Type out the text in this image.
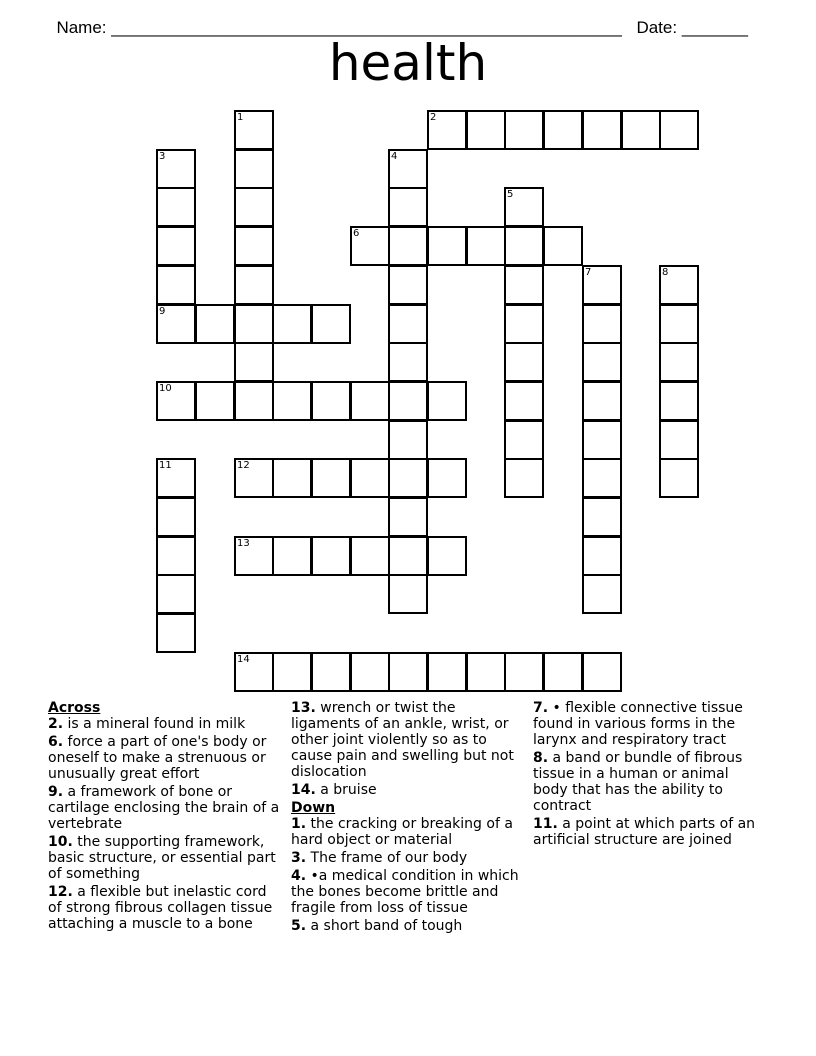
Name: ______________________________________________________ Date: _______

health
1	2
3	4
5
6
7	8
9
10
11	12
13
14
Across
2. is a mineral found in milk
6. force a part of one's body or oneself to make a strenuous or unusually great effort
9. a framework of bone or cartilage enclosing the brain of a vertebrate
10. the supporting framework, basic structure, or essential part of something
12. a flexible but inelastic cord of strong fibrous collagen tissue attaching a muscle to a bone
13. wrench or twist the ligaments of an ankle, wrist, or other joint violently so as to cause pain and swelling but not dislocation
14. a bruise
Down
1. the cracking or breaking of a hard object or material
3. The frame of our body
4. •a medical condition in which the bones become brittle and fragile from loss of tissue
5. a short band of tough
7. • flexible connective tissue found in various forms in the larynx and respiratory tract
8. a band or bundle of fibrous tissue in a human or animal body that has the ability to contract
11. a point at which parts of an artificial structure are joined
